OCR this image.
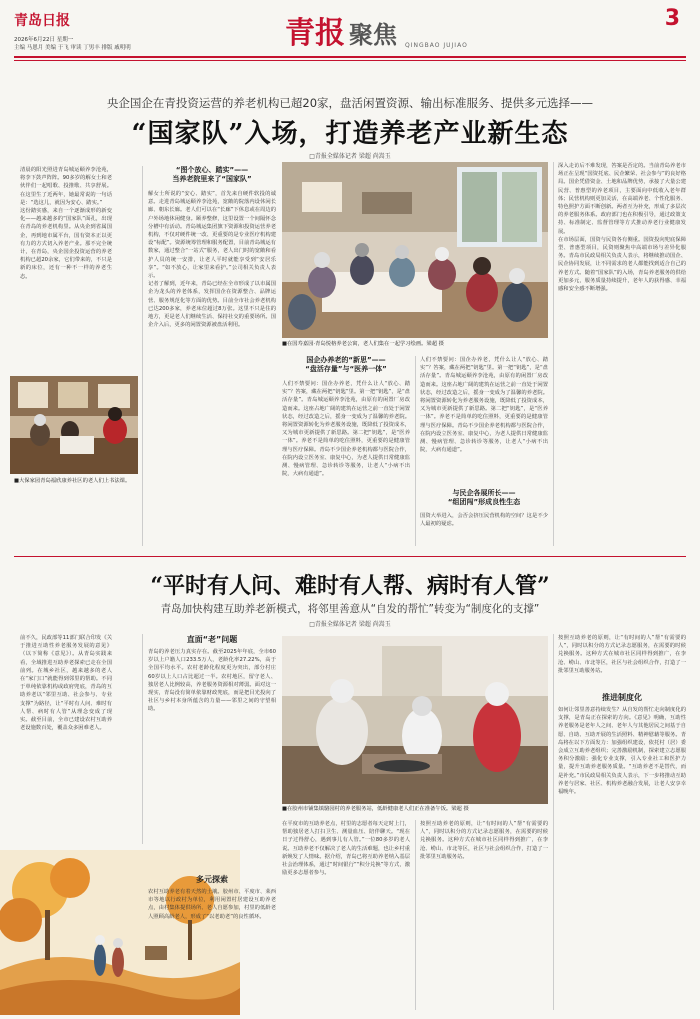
青岛日报
2026年6月22日 星期一
主编 马恩月 美编 于飞 审读 丁男丰 排版 戚明明	青报 聚焦 QINGBAO JUJIAO
3
央企国企在青投资运营的养老机构已超20家，盘活闲置资源、输出标准服务、提供多元选择——
“国家队”入场，打造养老产业新生态
□青报全媒体记者 梁超 尚嵩玉

清晨的阳光照进青岛城运颐养李沧苑，将李下鼓声阵阵。90多岁的解女士和老伙伴们一起唱歌、投推歌、共享舒展。在这里生了近两年，她最常说的一句话是：“选这儿，就因为安心、踏实。”

这份踏实感，来自一个逐渐成形的新变化——越来越多的“国家队”面孔，出现在青岛的养老机构里。从央企到省属国企，再到地市属平台，国有资本正以更有力的方式切入养老产业。那不完全统计，在青岛，央企国企投资运营的养老机构已超20余家，它们带来的，不只是新的床位，还有一种不一样的养老生态。

■大保家园青岛福欣康养社区的老人们上书法课。
“图个放心、踏实”——
当养老院里来了“国家队”

解女士所说的“安心、踏实”，首先来自硬件软投的诚意。走进青岛城运颐养李沧苑，宽敞的院落内设休闲长廊、朝东长廊。老人们可以在“长廊”下休息或在周边的户外场地休闲健身。颐养整修，这里设置一个间隔怀念分槽中有活动。青岛城运集团旗下资源和投资运营养老机构，不仅对硬件统一改、更重要的是专业医疗机构建设“标配”。资源统筹管理和服务配置，目前青岛城运有数家，通过整合“一站式”服务，老人出门时的宽敞和看护人员的统一安排，让老人平时就能享受到“安居乐享”。“如不放心，让家里来看护。”公司相关负责人表示。

记者了解到，近年来，青岛已经在全市形成了以市属国企为龙头的养老体系，发挥国企在资源整合、品牌运营、服务规范化等方面的优势。目前全市社会养老机构已达200多家，养老床位超过8万张。这里不只是住的地方，更是老人们继续生活、保持社交的重要场所。国企介入后，更多的闲置资源被盘活利用。

■在国寿嘉园·青岛悦榕养老公寓，老人们集在一起学习绘画。梁超 摄
国企办养老的“新思”——
“盘活存量”与“医养一体”

人们不禁要问：国企办养老，凭什么让人“放心、踏实”？答案，藏在两把“钥匙”里。第一把“钥匙”，是“盘活存量”。青岛城运颐养李沧苑，由原有的闲置厂房改造而来。这座占地广阔的建筑在运营之前一直处于闲置状态，经过改造之后，摇身一变成为了温馨的养老院。将闲置资源转化为养老服务设施，既降低了投资成本，又为城市更新提供了新思路。第二把“钥匙”，是“医养一体”。养老不是简单的吃住照料，更重要的是健康管理与医疗保障。青岛不少国企养老机构都与医院合作，在院内设立医务室、康复中心，为老人提供日常健康监测、慢病管理、急诊转诊等服务，让老人“小病不出院，大病有通道”。

人们不禁要问：国企办养老，凭什么让人“放心、踏实”？答案，藏在两把“钥匙”里。第一把“钥匙”，是“盘活存量”。青岛城运颐养李沧苑，由原有的闲置厂房改造而来。这座占地广阔的建筑在运营之前一直处于闲置状态，经过改造之后，摇身一变成为了温馨的养老院。将闲置资源转化为养老服务设施，既降低了投资成本，又为城市更新提供了新思路。第二把“钥匙”，是“医养一体”。养老不是简单的吃住照料，更重要的是健康管理与医疗保障。青岛不少国企养老机构都与医院合作，在院内设立医务室、康复中心，为老人提供日常健康监测、慢病管理、急诊转诊等服务，让老人“小病不出院，大病有通道”。

与民企各展所长——
“组团闯”形成良性生态

国资大举进入，会否会挤压民营机构的空间？这是不少人最初的疑虑。

深入走访后不难发现，答案是否定的。当前青岛养老市场正在呈现“国资托底、民企繁荣、社会参与”的良好格局。国企凭借资金、土地和品牌优势，承接了大量公建民营、普惠型的养老项目，主要面向中低收入老年群体；民营机构则更加灵活，在高端养老、个性化服务、特色照护方面不断创新。两者互为补充，形成了多层次的养老服务体系。政府部门也在积极引导，通过政策支持、标准制定、监督管理等方式推动养老行业健康发展。

在市场层面，国资与民资各有侧重。国资投向兜底保障型、普惠型项目，民资则聚焦中高端市场与差异化服务。青岛市民政局相关负责人表示，将继续推动国企、民企协同发展，让不同需求的老人都能找到适合自己的养老方式。随着“国家队”的入场，青岛养老服务的供给更加多元，服务质量持续提升，老年人的获得感、幸福感和安全感不断增强。

“平时有人问、难时有人帮、病时有人管”
青岛加快构建互助养老新模式，将邻里善意从“自发的帮忙”转变为“制度化的支撑”
□青报全媒体记者 梁超 尚嵩玉

前不久，民政部等11部门联合印发《关于推进互助性养老服务发展的意见》（以下简称《意见》）。从青岛实践来看，全域推进互助养老探索已走在全国前列。在城乡社区，越来越多的老人在“家门口”就能得到邻里的帮助。不同于单纯依靠机构或政府兜底，青岛的互助养老以“邻里互助、社会参与、专业支撑”为路径，让“平时有人问、难时有人帮、病时有人管”从理念变成了现实。截至目前，全市已建设农村互助养老设施数百处，覆盖众多困难老人。

直面“老”问题

青岛的养老压力真实存在。截至2025年年底，全市60岁以上户籍人口233.5万人，老龄化率27.22%，高于全国平均水平。农村老龄化程度更为突出，部分村庄60岁以上人口占比超过一半。农村地区，留守老人、独居老人比例较高，养老服务资源相对薄弱。面对这一现实，青岛没有简单依靠财政兜底，而是把目光投向了社区与乡村本身所蕴含的力量——邻里之间的守望相助。

多元探索

农村互助养老有着天然的土壤。胶州市、平度市、莱西市等地以行政村为单位，利用闲置村居建设互助养老点，由村集体提供场所、老人自愿参加，村里的低龄老人照顾高龄老人，形成了“以老助老”的良性循环。

■在胶州市铺集镇駱园村的养老服务站，低龄健康老人们正在准备午饭。梁超 摄

在平度市的互助养老点，村里的志愿者每天定时上门，帮助独居老人打扫卫生、测量血压、陪伴聊天。“现在日子过得舒心，遇到事儿有人管。”一位80多岁的老人说。互助养老不仅解决了老人的生活难题，也让乡村重新焕发了人情味。据介绍，青岛已将互助养老纳入基层社会治理体系，通过“时间银行”“积分兑换”等方式，激励更多志愿者参与。

按照互助养老的原则，让“有时间的人”帮“有需要的人”，同时以积分的方式记录志愿服务，在需要的时候兑换服务。这种方式在城市社区同样得到推广，在李沧、崂山、市北等区，社区与社会组织合作，打造了一批邻里互助服务站。

按照互助养老的原则，让“有时间的人”帮“有需要的人”，同时以积分的方式记录志愿服务，在需要的时候兑换服务。这种方式在城市社区同样得到推广，在李沧、崂山、市北等区，社区与社会组织合作，打造了一批邻里互助服务站。

推进制度化

如何让邻里善意持续发生？从自发的帮忙走向制度化的支撑，是青岛正在探索的方向。《意见》明确，互助性养老服务是老年人之间、老年人与其他居民之间基于自愿、自助、互助开展的生活照料、精神慰藉等服务。青岛将在以下方面发力：加强组织建设，依托村（居）委会成立互助养老组织；完善激励机制，探索建立志愿服务积分激励；强化专业支撑，引入专业社工和医护力量，提升互助养老服务质量。“互助养老不是替代，而是补充。”市民政局相关负责人表示，下一步将推动互助养老与居家、社区、机构养老融合发展，让老人安享幸福晚年。
